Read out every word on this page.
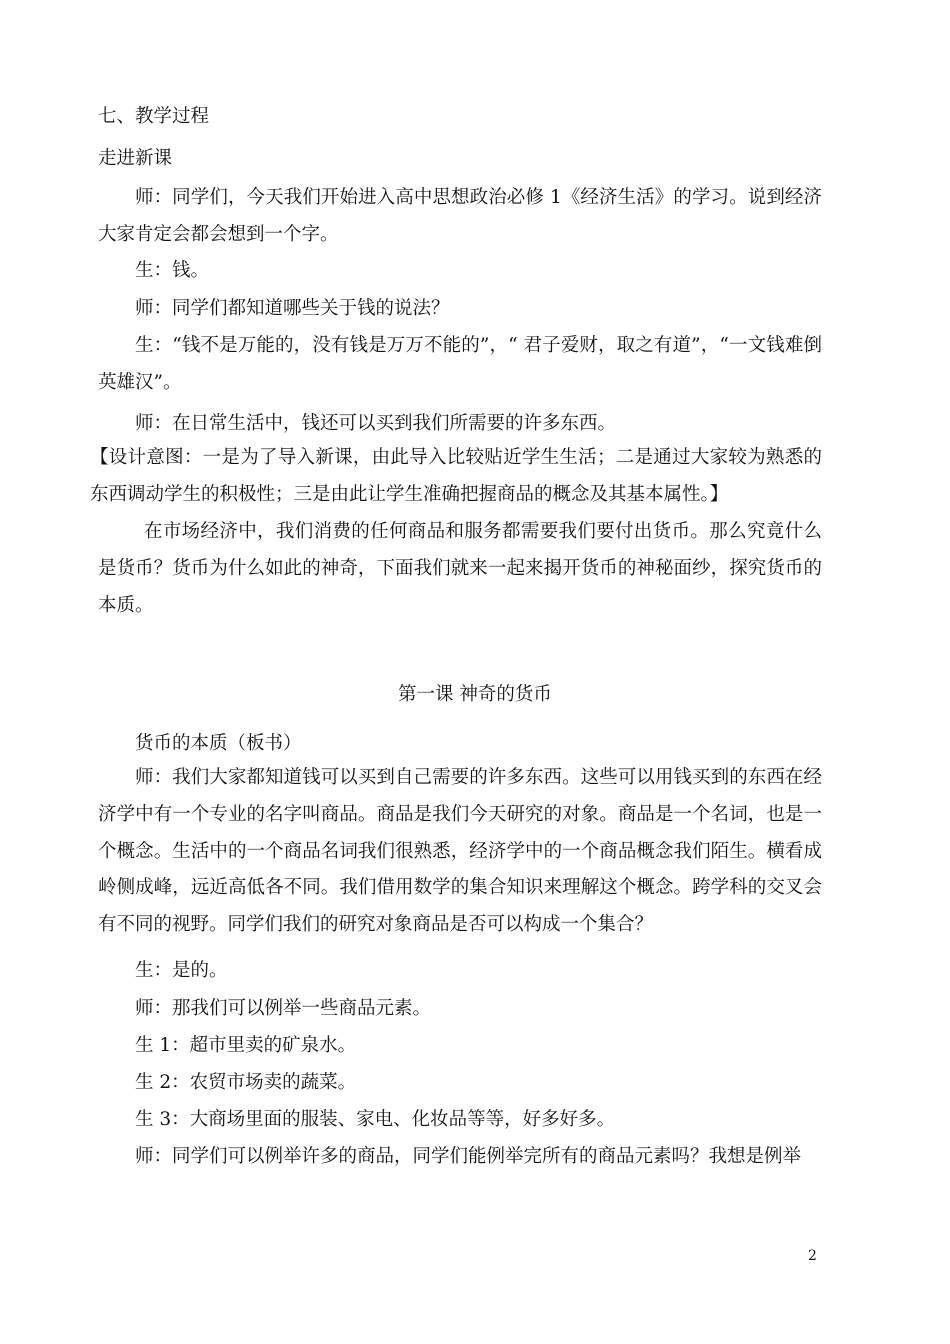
七、教学过程
走进新课
师：同学们，今天我们开始进入高中思想政治必修 1《经济生活》的学习。说到经济大家肯定会都会想到一个字。
生：钱。
师：同学们都知道哪些关于钱的说法？
生：“钱不是万能的，没有钱是万万不能的”，“ 君子爱财，取之有道”，“一文钱难倒英雄汉”。
师：在日常生活中，钱还可以买到我们所需要的许多东西。
【设计意图：一是为了导入新课，由此导入比较贴近学生生活；二是通过大家较为熟悉的东西调动学生的积极性；三是由此让学生准确把握商品的概念及其基本属性。】
在市场经济中，我们消费的任何商品和服务都需要我们要付出货币。那么究竟什么是货币？货币为什么如此的神奇，下面我们就来一起来揭开货币的神秘面纱，探究货币的本质。
第一课 神奇的货币
货币的本质（板书）
师：我们大家都知道钱可以买到自己需要的许多东西。这些可以用钱买到的东西在经济学中有一个专业的名字叫商品。商品是我们今天研究的对象。商品是一个名词，也是一个概念。生活中的一个商品名词我们很熟悉，经济学中的一个商品概念我们陌生。横看成岭侧成峰，远近高低各不同。我们借用数学的集合知识来理解这个概念。跨学科的交叉会有不同的视野。同学们我们的研究对象商品是否可以构成一个集合？
生：是的。
师：那我们可以例举一些商品元素。
生 1：超市里卖的矿泉水。
生 2：农贸市场卖的蔬菜。
生 3：大商场里面的服装、家电、化妆品等等，好多好多。
师：同学们可以例举许多的商品，同学们能例举完所有的商品元素吗？我想是例举
2
